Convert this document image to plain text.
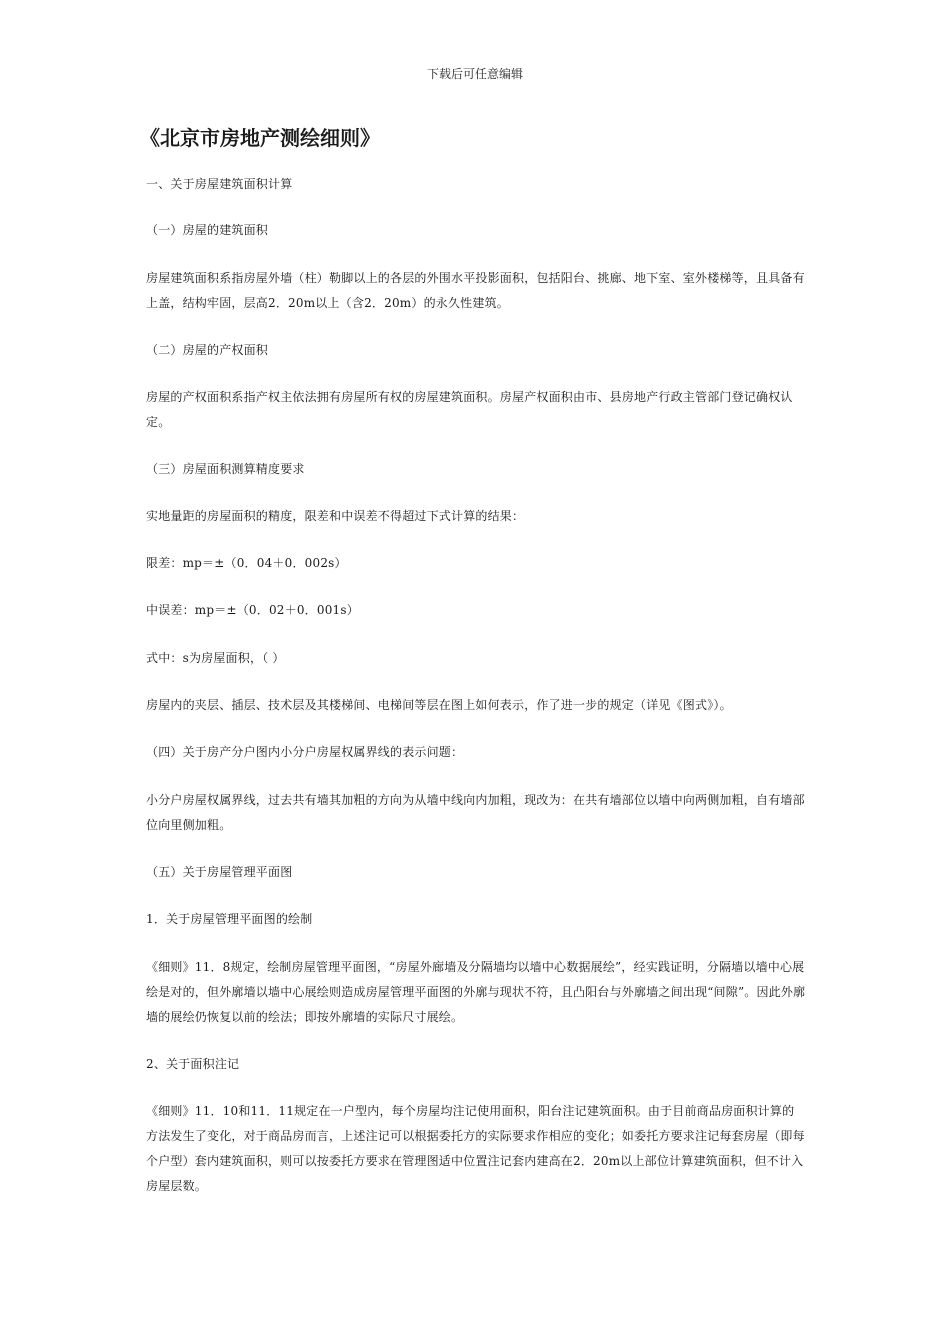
下载后可任意编辑
《北京市房地产测绘细则》

一、关于房屋建筑面积计算

（一）房屋的建筑面积

房屋建筑面积系指房屋外墙（柱）勒脚以上的各层的外围水平投影面积，包括阳台、挑廊、地下室、室外楼梯等，且具备有上盖，结构牢固，层高2．20m以上（含2．20m）的永久性建筑。

（二）房屋的产权面积

房屋的产权面积系指产权主依法拥有房屋所有权的房屋建筑面积。房屋产权面积由市、县房地产行政主管部门登记确权认定。

（三）房屋面积测算精度要求

实地量距的房屋面积的精度，限差和中误差不得超过下式计算的结果：

限差：mp＝±（0．04＋0．002s）

中误差：mp＝±（0．02＋0．001s）

式中：s为房屋面积，（ ）

房屋内的夹层、插层、技术层及其楼梯间、电梯间等层在图上如何表示，作了进一步的规定（详见《图式》）。

（四）关于房产分户图内小分户房屋权属界线的表示问题：

小分户房屋权属界线，过去共有墙其加粗的方向为从墙中线向内加粗，现改为：在共有墙部位以墙中向两侧加粗，自有墙部位向里侧加粗。

（五）关于房屋管理平面图

1．关于房屋管理平面图的绘制

《细则》11．8规定，绘制房屋管理平面图，“房屋外廊墙及分隔墙均以墙中心数据展绘”，经实践证明，分隔墙以墙中心展绘是对的，但外廓墙以墙中心展绘则造成房屋管理平面图的外廓与现状不符，且凸阳台与外廓墙之间出现“间隙”。因此外廓墙的展绘仍恢复以前的绘法；即按外廓墙的实际尺寸展绘。

2、关于面积注记

《细则》11．10和11．11规定在一户型内，每个房屋均注记使用面积，阳台注记建筑面积。由于目前商品房面积计算的方法发生了变化，对于商品房而言，上述注记可以根据委托方的实际要求作相应的变化；如委托方要求注记每套房屋（即每个户型）套内建筑面积，则可以按委托方要求在管理图适中位置注记套内建高在2．20m以上部位计算建筑面积，但不计入房屋层数。
